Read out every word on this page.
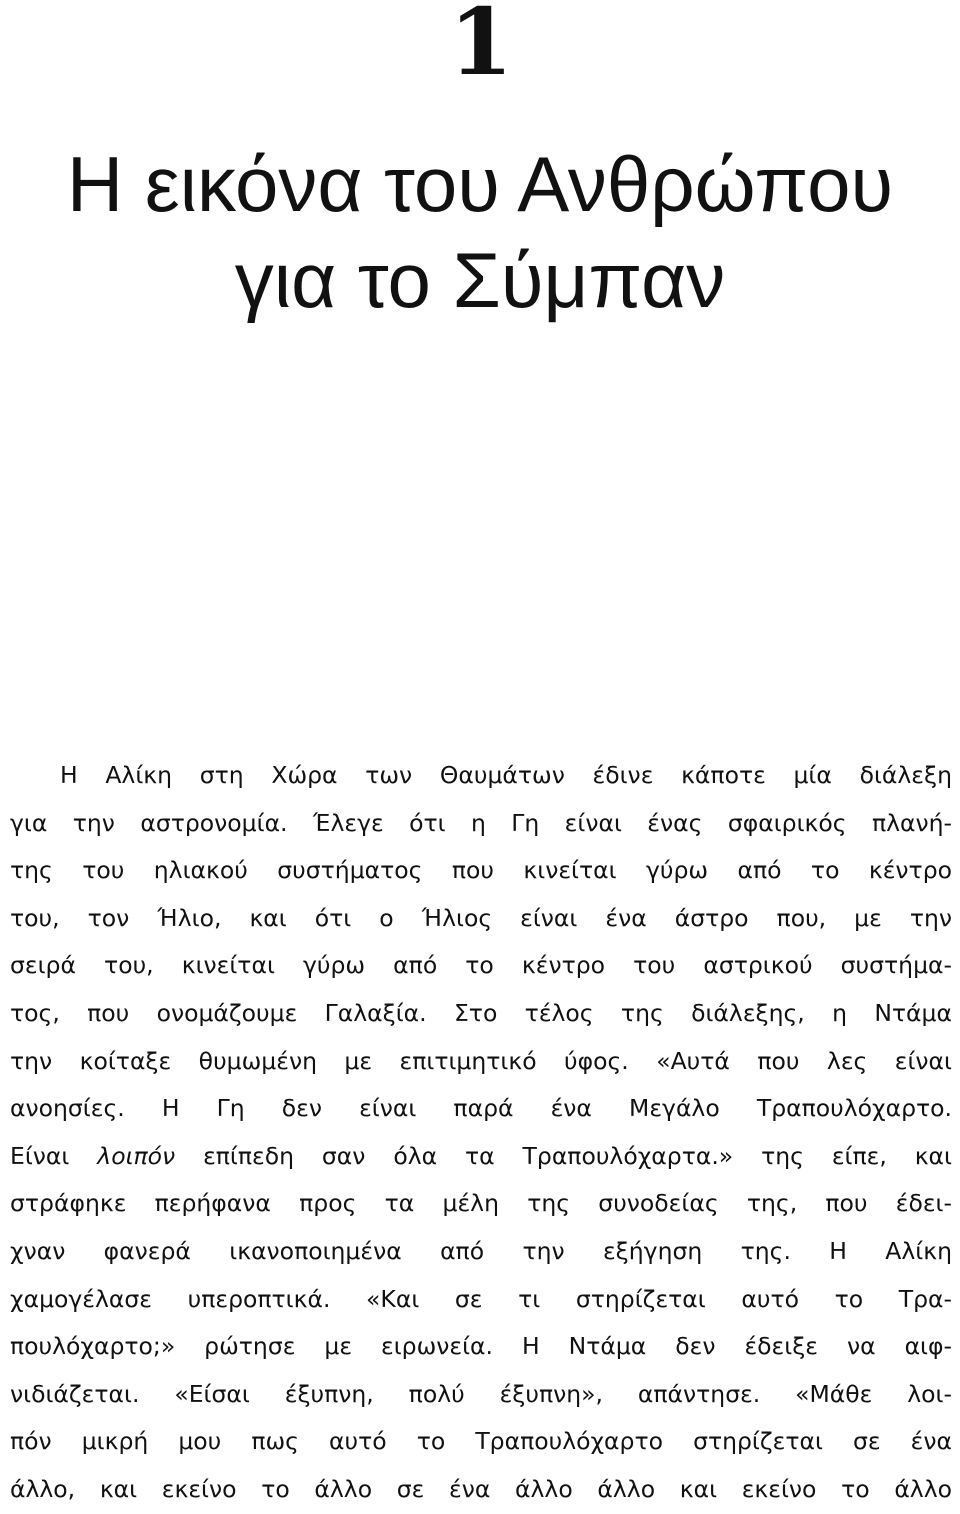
1
Η εικόνα του Ανθρώπου
για το Σύμπαν
Η Αλίκη στη Χώρα των Θαυμάτων έδινε κάποτε μία διάλεξη
για την αστρονομία. Έλεγε ότι η Γη είναι ένας σφαιρικός πλανή-
της του ηλιακού συστήματος που κινείται γύρω από το κέντρο
του, τον Ήλιο, και ότι ο Ήλιος είναι ένα άστρο που, με την
σειρά του, κινείται γύρω από το κέντρο του αστρικού συστήμα-
τος, που ονομάζουμε Γαλαξία. Στο τέλος της διάλεξης, η Ντάμα
την κοίταξε θυμωμένη με επιτιμητικό ύφος. «Αυτά που λες είναι
ανοησίες. Η Γη δεν είναι παρά ένα Μεγάλο Τραπουλόχαρτο.
Είναι λοιπόν επίπεδη σαν όλα τα Τραπουλόχαρτα.» της είπε, και
στράφηκε περήφανα προς τα μέλη της συνοδείας της, που έδει-
χναν φανερά ικανοποιημένα από την εξήγηση της. Η Αλίκη
χαμογέλασε υπεροπτικά. «Και σε τι στηρίζεται αυτό το Τρα-
πουλόχαρτο;» ρώτησε με ειρωνεία. Η Ντάμα δεν έδειξε να αιφ-
νιδιάζεται. «Είσαι έξυπνη, πολύ έξυπνη», απάντησε. «Μάθε λοι-
πόν μικρή μου πως αυτό το Τραπουλόχαρτο στηρίζεται σε ένα
άλλο, και εκείνο το άλλο σε ένα άλλο άλλο και εκείνο το άλλο
